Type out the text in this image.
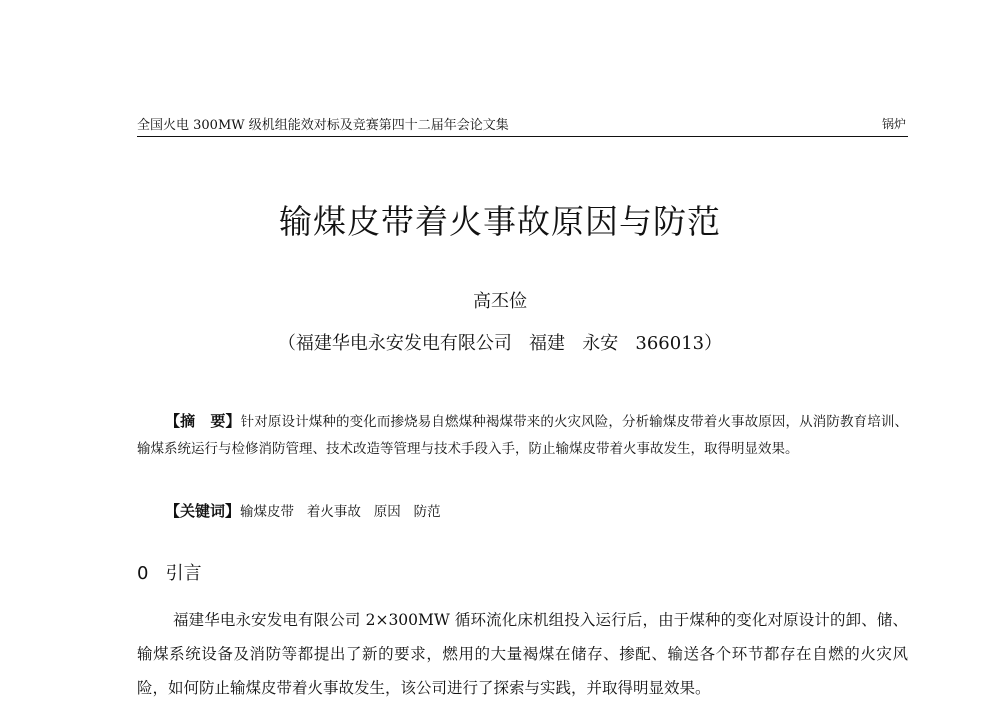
全国火电 300MW 级机组能效对标及竞赛第四十二届年会论文集	锅炉
输煤皮带着火事故原因与防范
高丕俭
（福建华电永安发电有限公司   福建   永安   366013）
【摘　要】针对原设计煤种的变化而掺烧易自燃煤种褐煤带来的火灾风险，分析输煤皮带着火事故原因，从消防教育培训、输煤系统运行与检修消防管理、技术改造等管理与技术手段入手，防止输煤皮带着火事故发生，取得明显效果。
【关键词】输煤皮带   着火事故   原因   防范
0 引言
福建华电永安发电有限公司 2×300MW 循环流化床机组投入运行后，由于煤种的变化对原设计的卸、储、输煤系统设备及消防等都提出了新的要求，燃用的大量褐煤在储存、掺配、输送各个环节都存在自燃的火灾风险，如何防止输煤皮带着火事故发生，该公司进行了探索与实践，并取得明显效果。
